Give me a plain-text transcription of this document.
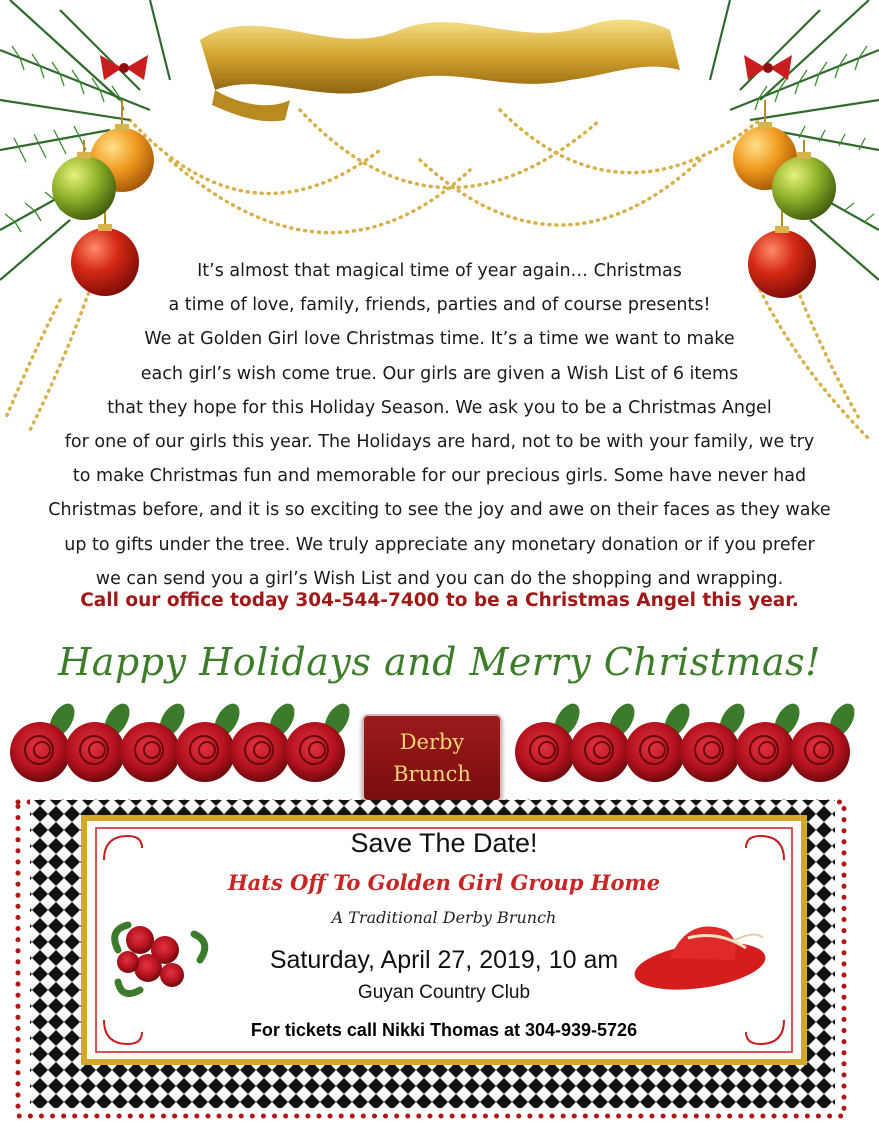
It’s almost that magical time of year again… Christmas
a time of love, family, friends, parties and of course presents!
We at Golden Girl love Christmas time. It’s a time we want to make
each girl’s wish come true. Our girls are given a Wish List of 6 items
that they hope for this Holiday Season. We ask you to be a Christmas Angel
for one of our girls this year. The Holidays are hard, not to be with your family, we try
to make Christmas fun and memorable for our precious girls. Some have never had
Christmas before, and it is so exciting to see the joy and awe on their faces as they wake
up to gifts under the tree. We truly appreciate any monetary donation or if you prefer
we can send you a girl’s Wish List and you can do the shopping and wrapping.
Call our office today 304-544-7400 to be a Christmas Angel this year.
Happy Holidays and Merry Christmas!
Derby
Brunch
Save The Date!
Hats Off To Golden Girl Group Home
A Traditional Derby Brunch
Saturday, April 27, 2019, 10 am
Guyan Country Club
For tickets call Nikki Thomas at 304-939-5726
